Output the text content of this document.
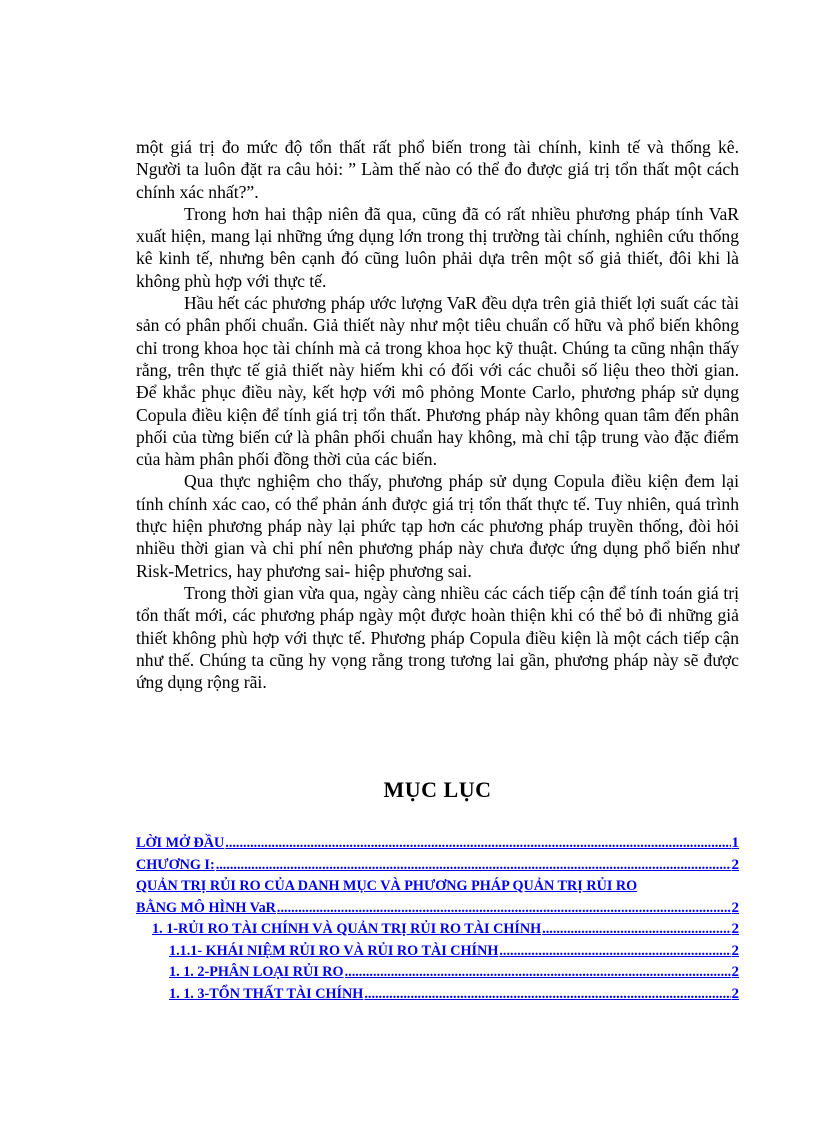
một giá trị đo mức độ tổn thất rất phổ biến trong tài chính, kinh tế và thống kê. Người ta luôn đặt ra câu hỏi: ” Làm thế nào có thể đo được giá trị tổn thất một cách chính xác nhất?”.

Trong hơn hai thập niên đã qua, cũng đã có rất nhiều phương pháp tính VaR xuất hiện, mang lại những ứng dụng lớn trong thị trường tài chính, nghiên cứu thống kê kinh tế, nhưng bên cạnh đó cũng luôn phải dựa trên một số giả thiết, đôi khi là không phù hợp với thực tế.

Hầu hết các phương pháp ước lượng VaR đều dựa trên giả thiết lợi suất các tài sản có phân phối chuẩn. Giả thiết này như một tiêu chuẩn cố hữu và phổ biến không chỉ trong khoa học tài chính mà cả trong khoa học kỹ thuật. Chúng ta cũng nhận thấy rằng, trên thực tế giả thiết này hiếm khi có đối với các chuỗi số liệu theo thời gian. Để khắc phục điều này, kết hợp với mô phỏng Monte Carlo, phương pháp sử dụng Copula điều kiện để tính giá trị tổn thất. Phương pháp này không quan tâm đến phân phối của từng biến cứ là phân phối chuẩn hay không, mà chỉ tập trung vào đặc điểm của hàm phân phối đồng thời của các biến.

Qua thực nghiệm cho thấy, phương pháp sử dụng Copula điều kiện đem lại tính chính xác cao, có thể phản ánh được giá trị tổn thất thực tế. Tuy nhiên, quá trình thực hiện phương pháp này lại phức tạp hơn các phương pháp truyền thống, đòi hỏi nhiều thời gian và chi phí nên phương pháp này chưa được ứng dụng phổ biến như Risk-Metrics, hay phương sai- hiệp phương sai.

Trong thời gian vừa qua, ngày càng nhiều các cách tiếp cận để tính toán giá trị tổn thất mới, các phương pháp ngày một được hoàn thiện khi có thể bỏ đi những giả thiết không phù hợp với thực tế. Phương pháp Copula điều kiện là một cách tiếp cận như thế. Chúng ta cũng hy vọng rằng trong tương lai gần, phương pháp này sẽ được ứng dụng rộng rãi.

MỤC LỤC
LỜI MỞ ĐẦU .....	1
CHƯƠNG I: .....	2
QUẢN TRỊ RỦI RO CỦA DANH MỤC VÀ PHƯƠNG PHÁP QUẢN TRỊ RỦI RO
BẰNG MÔ HÌNH VaR .....	2
1. 1-RỦI RO TÀI CHÍNH VÀ QUẢN TRỊ RỦI RO TÀI CHÍNH .....	2
1.1.1- KHÁI NIỆM RỦI RO VÀ RỦI RO TÀI CHÍNH .....	2
1. 1. 2-PHÂN LOẠI RỦI RO .....	2
1. 1. 3-TỔN THẤT TÀI CHÍNH .....	2
